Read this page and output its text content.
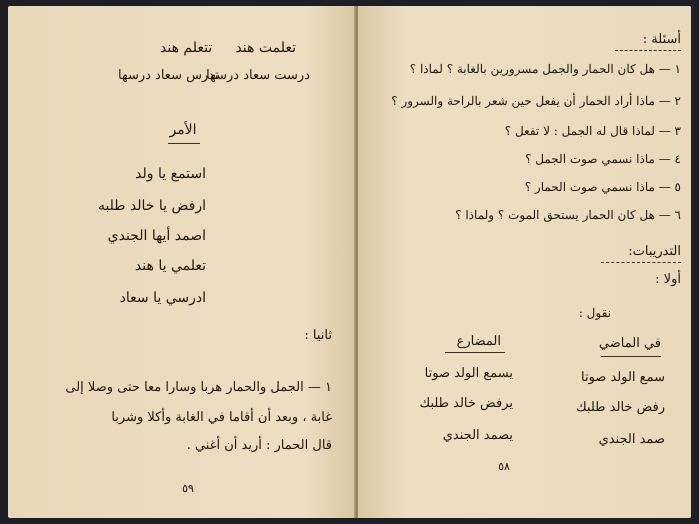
تعلمت هند
تتعلم هند
درست سعاد درسها
تدرس سعاد درسها
الأمر
استمع يا ولد
ارفض يا خالد طلبه
اصمد أيها الجندي
تعلمي يا هند
ادرسي يا سعاد
ثانيا :
١ — الجمل والحمار هربا وسارا معا حتى وصلا إلى
غابة ، وبعد أن أقاما في الغابة وأكلا وشربا
قال الحمار : أريد أن أغني .
٥٩
أسئلة :
١ — هل كان الحمار والجمل مسرورين بالغابة ؟ لماذا ؟
٢ — ماذا أراد الحمار أن يفعل حين شعر بالراحة والسرور ؟
٣ — لماذا قال له الجمل : لا تفعل ؟
٤ — ماذا نسمي صوت الجمل ؟
٥ — ماذا نسمي صوت الحمار ؟
٦ — هل كان الحمار يستحق الموت ؟ ولماذا ؟
التدريبات:
أولا :
نقول :
في الماضي
المضارع
سمع الولد صوتا
يسمع الولد صوتا
رفض خالد طلبك
يرفض خالد طلبك
صمد الجندي
يصمد الجندي
٥٨
